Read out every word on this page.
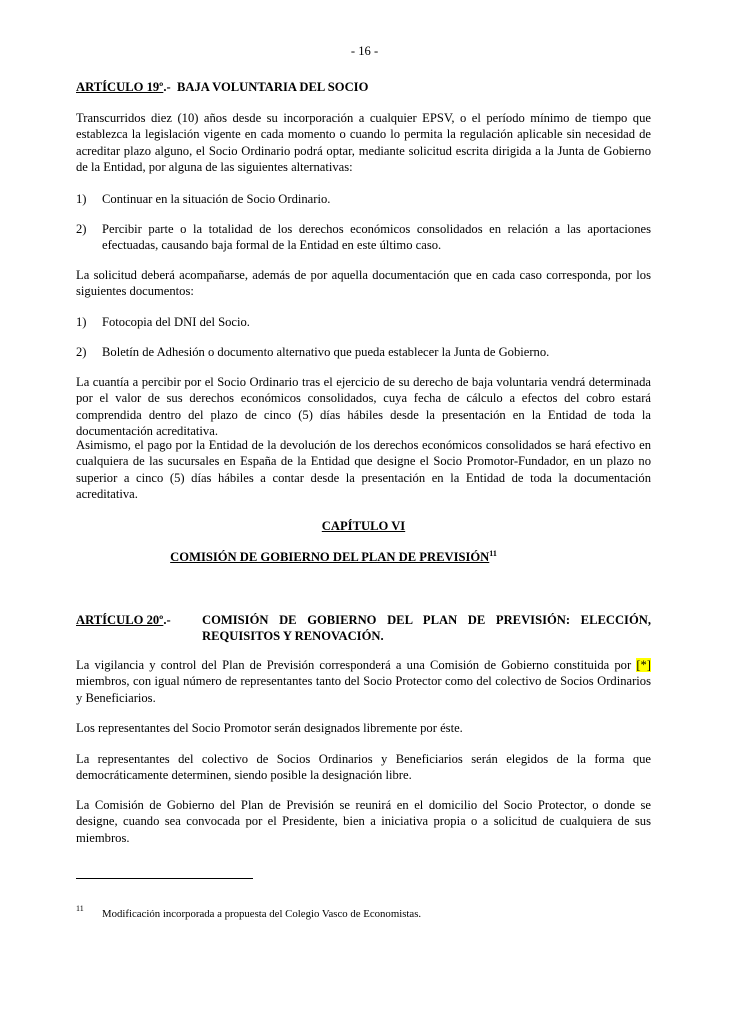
- 16 -
ARTÍCULO 19º.-  BAJA VOLUNTARIA DEL SOCIO

Transcurridos diez (10) años desde su incorporación a cualquier EPSV, o el período mínimo de tiempo que establezca la legislación vigente en cada momento o cuando lo permita la regulación aplicable sin necesidad de acreditar plazo alguno, el Socio Ordinario podrá optar, mediante solicitud escrita dirigida a la Junta de Gobierno de la Entidad, por alguna de las siguientes alternativas:

1) Continuar en la situación de Socio Ordinario.
2) Percibir parte o la totalidad de los derechos económicos consolidados en relación a las aportaciones efectuadas, causando baja formal de la Entidad en este último caso.

La solicitud deberá acompañarse, además de por aquella documentación que en cada caso corresponda, por los siguientes documentos:

1) Fotocopia del DNI del Socio.
2) Boletín de Adhesión o documento alternativo que pueda establecer la Junta de Gobierno.

La cuantía a percibir por el Socio Ordinario tras el ejercicio de su derecho de baja voluntaria vendrá determinada por el valor de sus derechos económicos consolidados, cuya fecha de cálculo a efectos del cobro estará comprendida dentro del plazo de cinco (5) días hábiles desde la presentación en la Entidad de toda la documentación acreditativa.

Asimismo, el pago por la Entidad de la devolución de los derechos económicos consolidados se hará efectivo en cualquiera de las sucursales en España de la Entidad que designe el Socio Promotor-Fundador, en un plazo no superior a cinco (5) días hábiles a contar desde la presentación en la Entidad de toda la documentación acreditativa.

CAPÍTULO VI
COMISIÓN DE GOBIERNO DEL PLAN DE PREVISIÓN$^{11}$
ARTÍCULO 20º.-	COMISIÓN DE GOBIERNO DEL PLAN DE PREVISIÓN: ELECCIÓN, REQUISITOS Y RENOVACIÓN.

La vigilancia y control del Plan de Previsión corresponderá a una Comisión de Gobierno constituida por [*] miembros, con igual número de representantes tanto del Socio Protector como del colectivo de Socios Ordinarios y Beneficiarios.

Los representantes del Socio Promotor serán designados libremente por éste.

La representantes del colectivo de Socios Ordinarios y Beneficiarios serán elegidos de la forma que democráticamente determinen, siendo posible la designación libre.

La Comisión de Gobierno del Plan de Previsión se reunirá en el domicilio del Socio Protector, o donde se designe, cuando sea convocada por el Presidente, bien a iniciativa propia o a solicitud de cualquiera de sus miembros.

11 Modificación incorporada a propuesta del Colegio Vasco de Economistas.
